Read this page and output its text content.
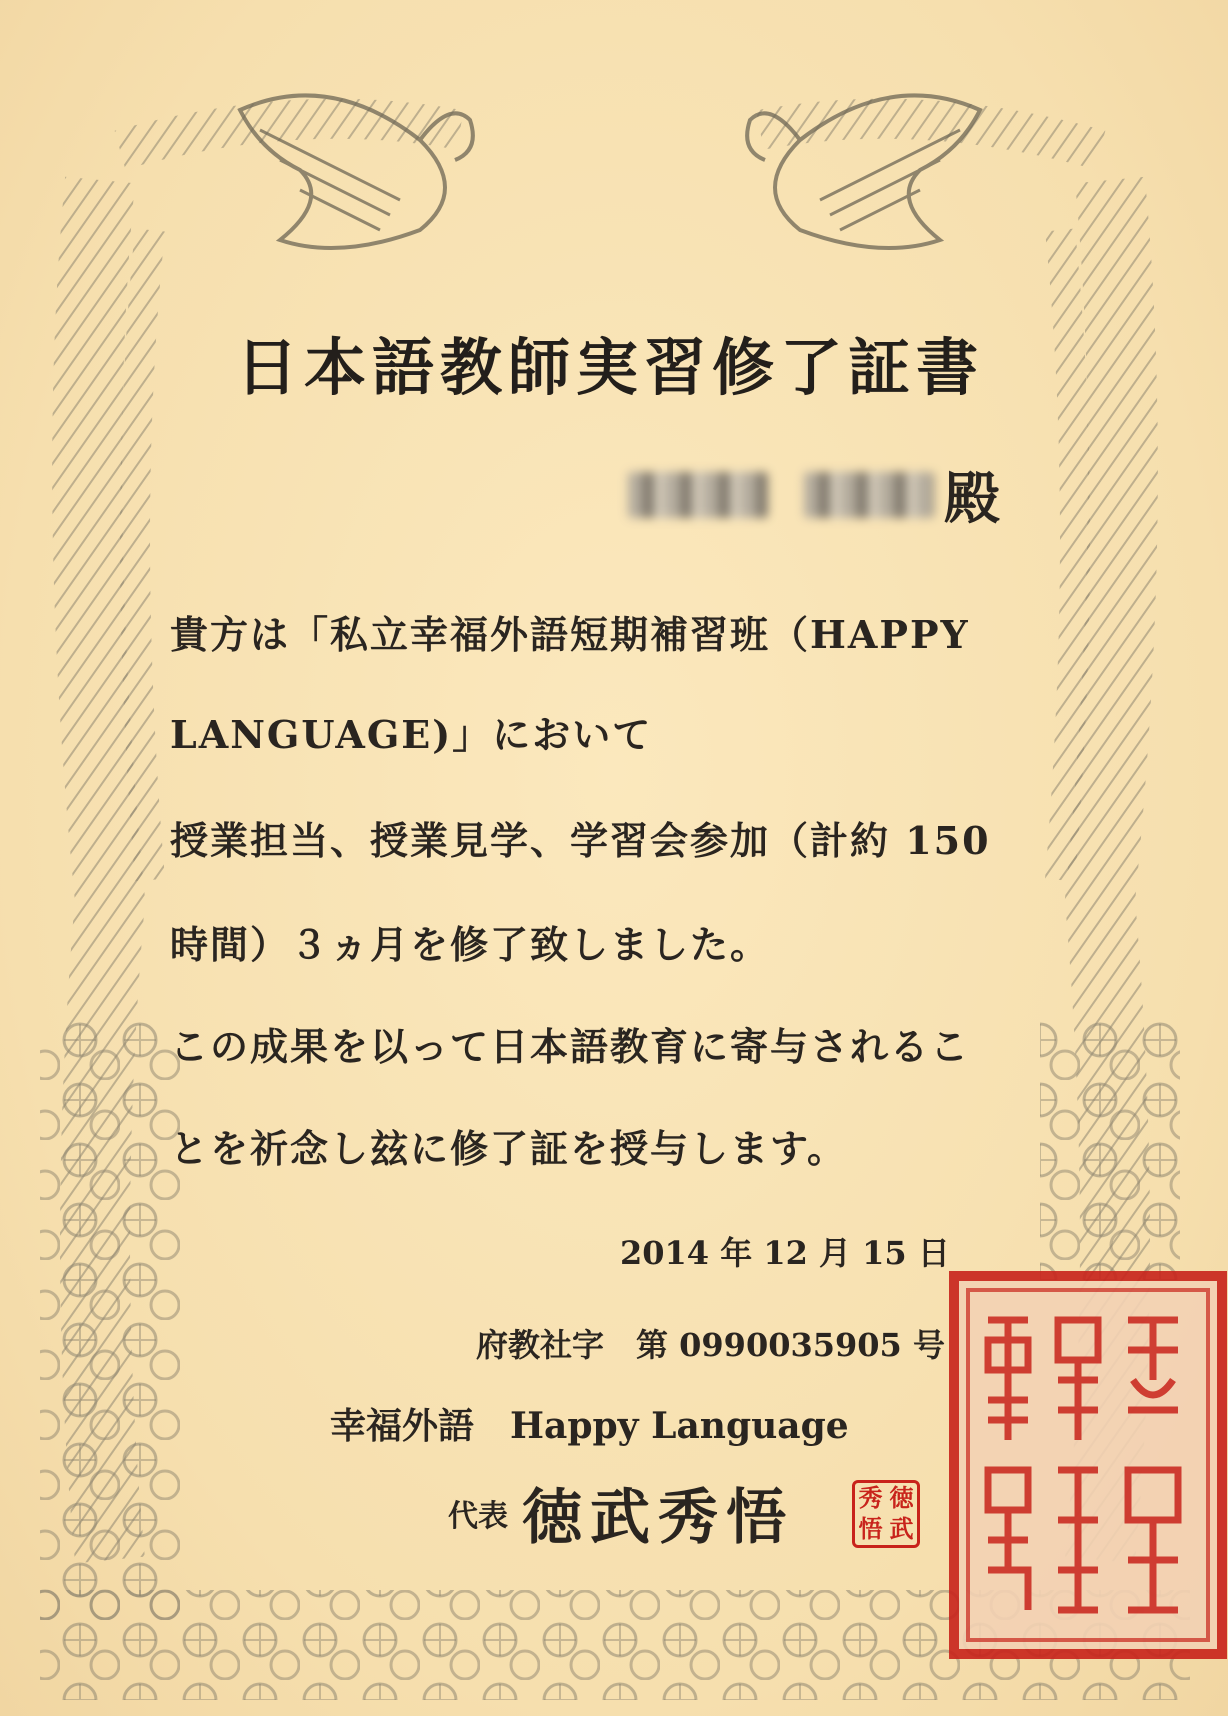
日本語教師実習修了証書
殿
貴方は「私立幸福外語短期補習班（HAPPY
LANGUAGE)」において
授業担当、授業見学、学習会参加（計約 150
時間）３ヵ月を修了致しました。
この成果を以って日本語教育に寄与されるこ
とを祈念し玆に修了証を授与します。
2014 年 12 月 15 日
府教社字　第 0990035905 号
幸福外語　Happy Language
代表 徳武秀悟	秀 徳
悟 武
